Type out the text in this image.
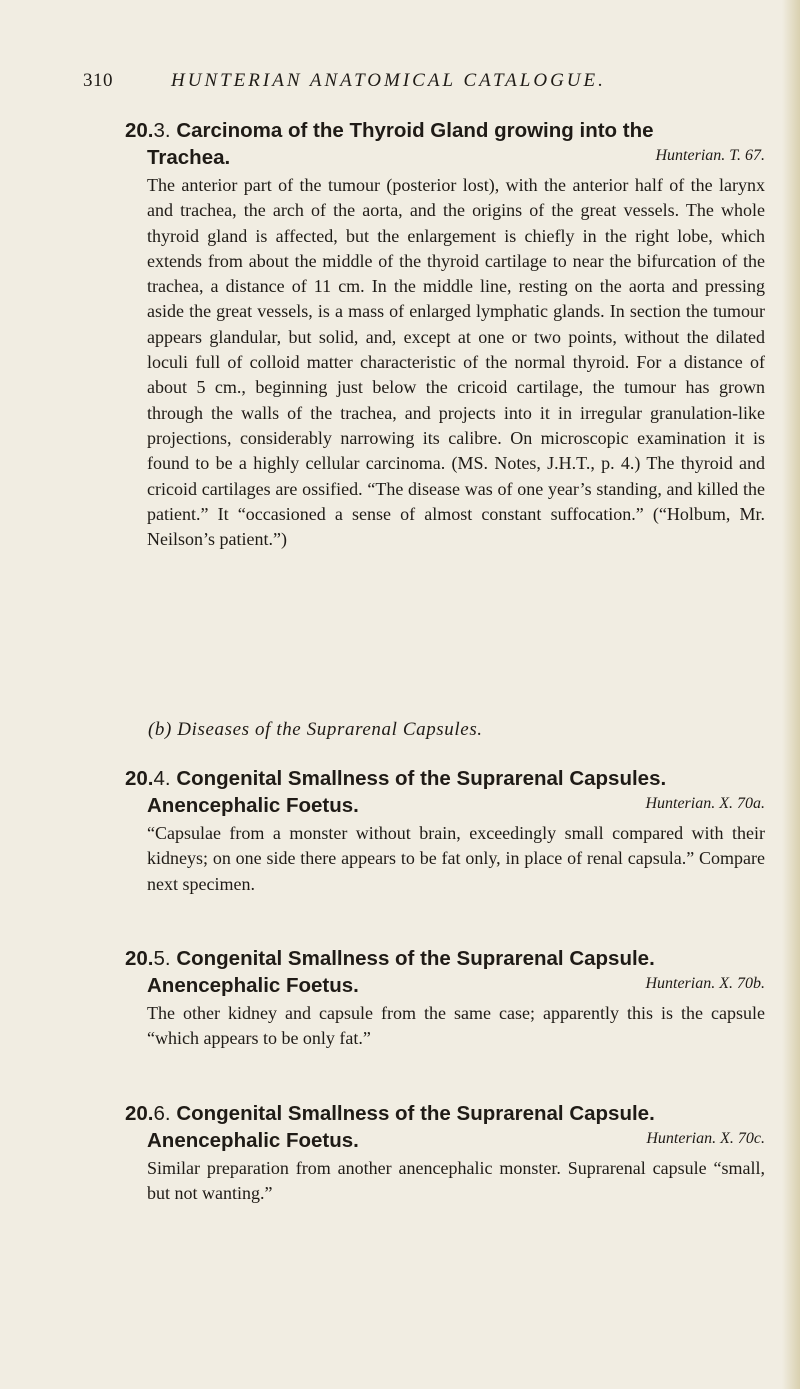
310	HUNTERIAN ANATOMICAL CATALOGUE.
20.3. Carcinoma of the Thyroid Gland growing into the
Trachea.	Hunterian. T. 67.

The anterior part of the tumour (posterior lost), with the anterior half of the larynx and trachea, the arch of the aorta, and the origins of the great vessels. The whole thyroid gland is affected, but the enlargement is chiefly in the right lobe, which extends from about the middle of the thyroid cartilage to near the bifurcation of the trachea, a distance of 11 cm. In the middle line, resting on the aorta and pressing aside the great vessels, is a mass of enlarged lymphatic glands. In section the tumour appears glandular, but solid, and, except at one or two points, without the dilated loculi full of colloid matter characteristic of the normal thyroid. For a distance of about 5 cm., beginning just below the cricoid cartilage, the tumour has grown through the walls of the trachea, and projects into it in irregular granulation-like projections, considerably narrowing its calibre. On microscopic examination it is found to be a highly cellular carcinoma. (MS. Notes, J.H.T., p. 4.) The thyroid and cricoid cartilages are ossified. “The disease was of one year’s standing, and killed the patient.” It “occasioned a sense of almost constant suffocation.” (“Holbum, Mr. Neilson’s patient.”)

(b) Diseases of the Suprarenal Capsules.
20.4. Congenital Smallness of the Suprarenal Capsules.
Anencephalic Foetus.	Hunterian. X. 70a.

“Capsulae from a monster without brain, exceedingly small compared with their kidneys; on one side there appears to be fat only, in place of renal capsula.” Compare next specimen.

20.5. Congenital Smallness of the Suprarenal Capsule.
Anencephalic Foetus.	Hunterian. X. 70b.

The other kidney and capsule from the same case; apparently this is the capsule “which appears to be only fat.”

20.6. Congenital Smallness of the Suprarenal Capsule.
Anencephalic Foetus.	Hunterian. X. 70c.

Similar preparation from another anencephalic monster. Suprarenal capsule “small, but not wanting.”
